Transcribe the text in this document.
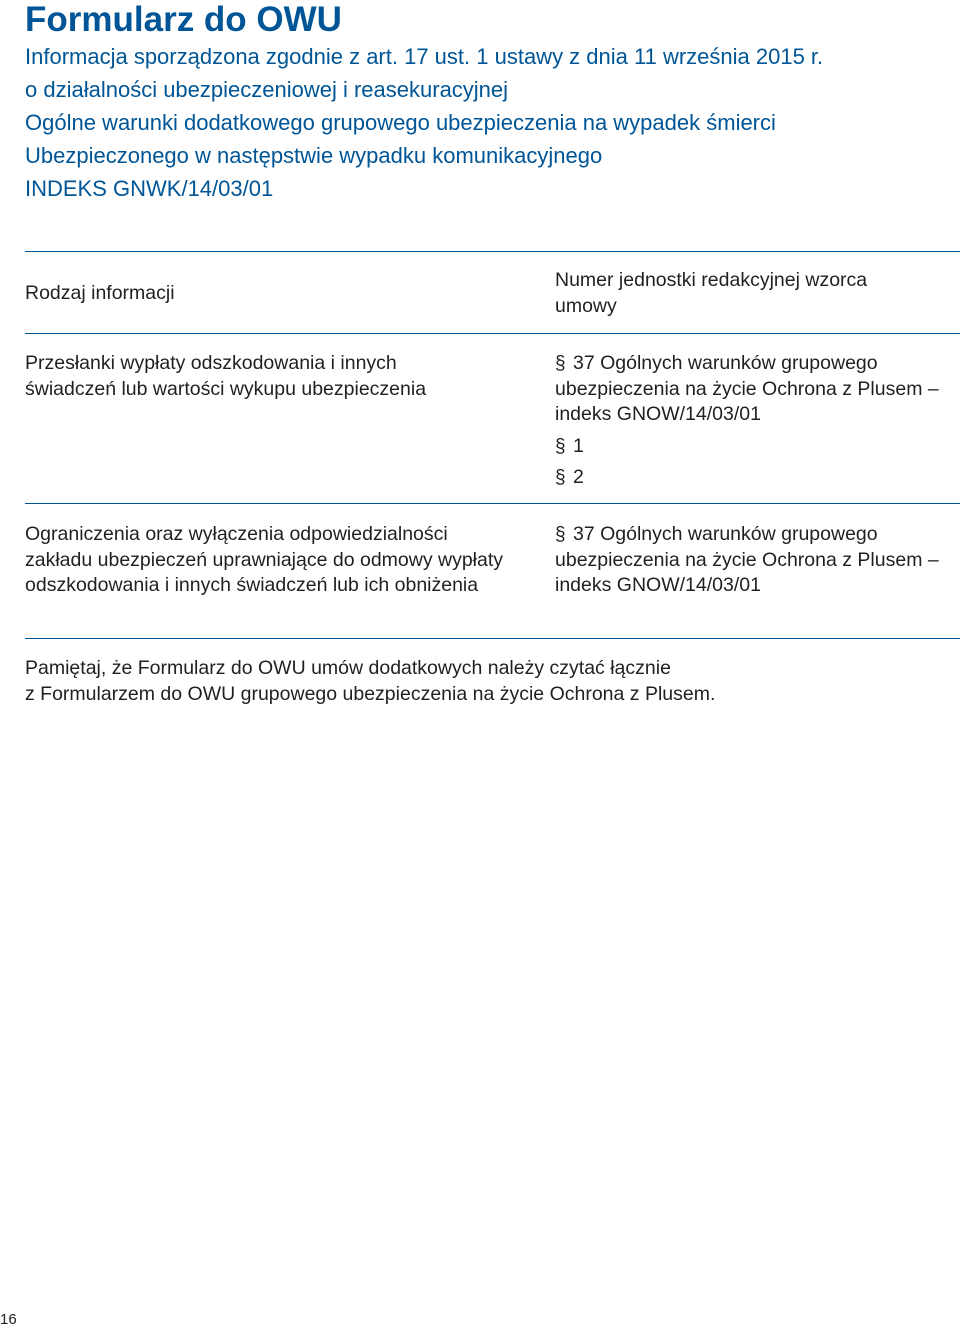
Formularz do OWU
Informacja sporządzona zgodnie z art. 17 ust. 1 ustawy z dnia 11 września 2015 r.
o działalności ubezpieczeniowej i reasekuracyjnej
Ogólne warunki dodatkowego grupowego ubezpieczenia na wypadek śmierci
Ubezpieczonego w następstwie wypadku komunikacyjnego
INDEKS GNWK/14/03/01
Rodzaj informacji
Numer jednostki redakcyjnej wzorca umowy
Przesłanki wypłaty odszkodowania i innych świadczeń lub wartości wykupu ubezpieczenia
§ 37 Ogólnych warunków grupowego ubezpieczenia na życie Ochrona z Plusem – indeks GNOW/14/03/01
§ 1
§ 2
Ograniczenia oraz wyłączenia odpowiedzialności zakładu ubezpieczeń uprawniające do odmowy wypłaty odszkodowania i innych świadczeń lub ich obniżenia
§ 37 Ogólnych warunków grupowego ubezpieczenia na życie Ochrona z Plusem – indeks GNOW/14/03/01
Pamiętaj, że Formularz do OWU umów dodatkowych należy czytać łącznie
z Formularzem do OWU grupowego ubezpieczenia na życie Ochrona z Plusem.
16
